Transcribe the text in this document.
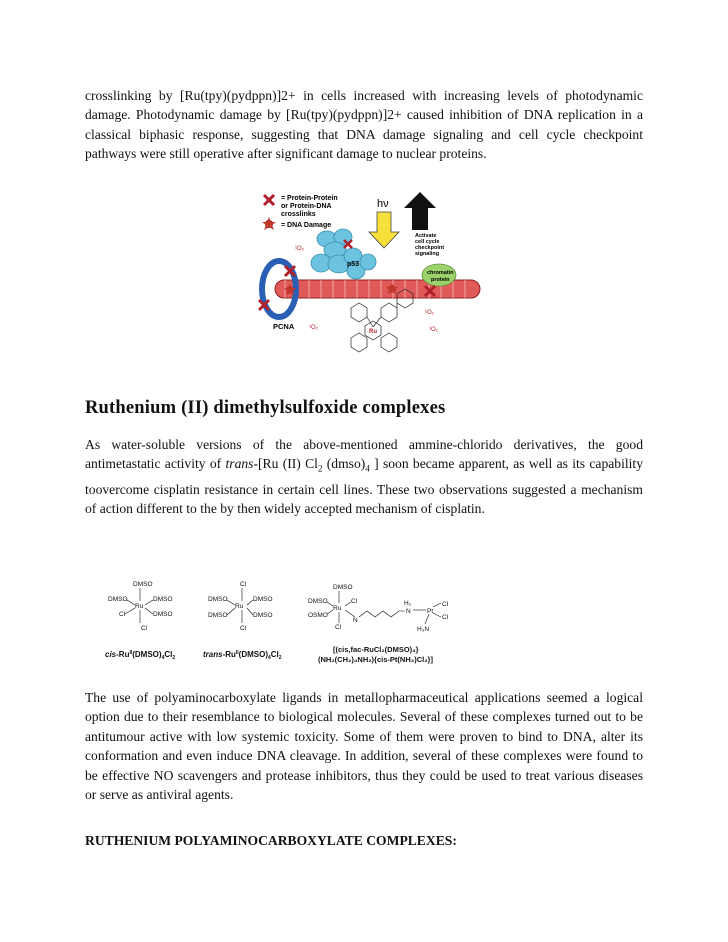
crosslinking by [Ru(tpy)(pydppn)]2+ in cells increased with increasing levels of photodynamic damage. Photodynamic damage by [Ru(tpy)(pydppn)]2+ caused inhibition of DNA replication in a classical biphasic response, suggesting that DNA damage signaling and cell cycle checkpoint pathways were still operative after significant damage to nuclear proteins.

= Protein-Protein
or Protein-DNA
crosslinks
= DNA Damage
hν
Activate
cell cycle
checkpoint
signaling
p53
¹O₂
PCNA
chromatin
protein
Ru
¹O₂
¹O₂
¹O₂
Ruthenium (II) dimethylsulfoxide complexes

As water-soluble versions of the above-mentioned ammine-chlorido derivatives, the good antimetastatic activity of trans-[Ru (II) $Cl_2$ $(dmso)_4$ ] soon became apparent, as well as its capability toovercome cisplatin resistance in certain cell lines. These two observations suggested a mechanism of action different to the by then widely accepted mechanism of cisplatin.

DMSO
DMSO	DMSO
Ru
Cl	DMSO
Cl
cis-$Ru^{II}(DMSO)_4Cl_2$
Cl
DMSO	DMSO
Ru
DMSO	DMSO
Cl
trans-$Ru^{II}(DMSO)_4Cl_2$
DMSO
DMSO	Cl
Ru
OSMO
Cl
N
H₂
N	Pt
Cl
Cl
H₃N
[(cis,fac-RuCl₂(DMSO)₃}
(NH₂(CH₂)₄NH₂){cis-Pt(NH₃)Cl₂}]

The use of polyaminocarboxylate ligands in metallopharmaceutical applications seemed a logical option due to their resemblance to biological molecules. Several of these complexes turned out to be antitumour active with low systemic toxicity. Some of them were proven to bind to DNA, alter its conformation and even induce DNA cleavage. In addition, several of these complexes were found to be effective NO scavengers and protease inhibitors, thus they could be used to treat various diseases or serve as antiviral agents.

RUTHENIUM POLYAMINOCARBOXYLATE COMPLEXES:
